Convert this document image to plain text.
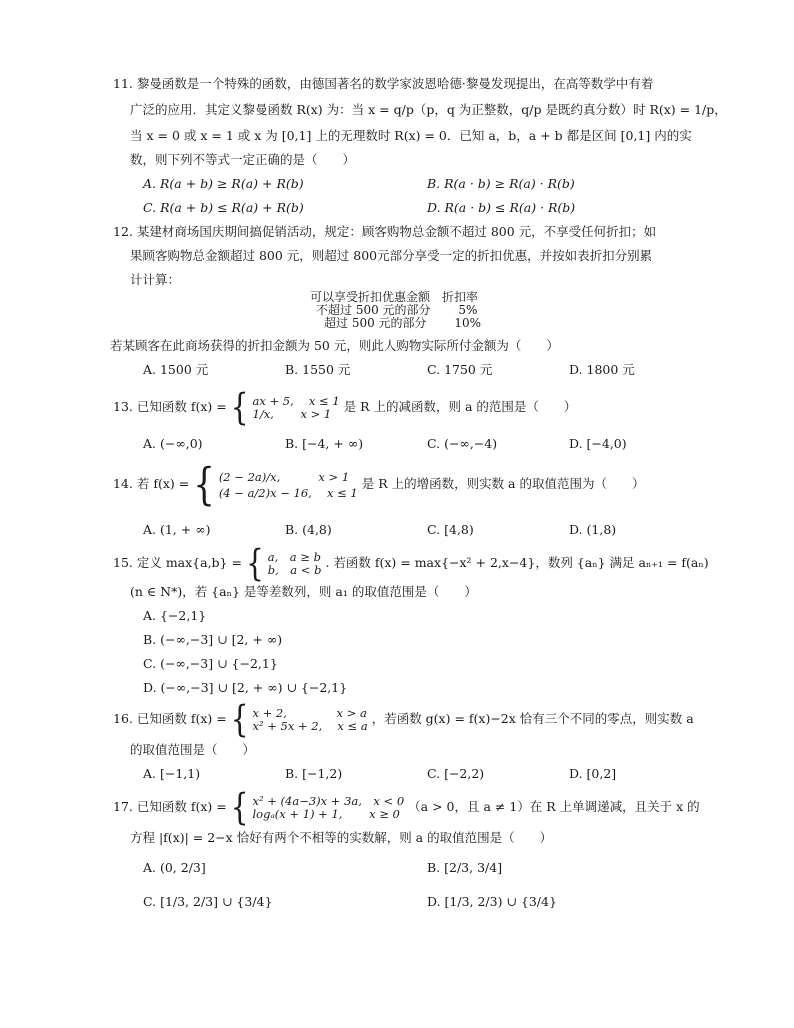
11. 黎曼函数是一个特殊的函数，由德国著名的数学家波恩哈德·黎曼发现提出，在高等数学中有着
广泛的应用．其定义黎曼函数 R(x) 为：当 x = q/p（p，q 为正整数，q/p 是既约真分数）时 R(x) = 1/p，
当 x = 0 或 x = 1 或 x 为 [0,1] 上的无理数时 R(x) = 0．已知 a，b，a + b 都是区间 [0,1] 内的实
数，则下列不等式一定正确的是（　　）
A. R(a + b) ≥ R(a) + R(b)	B. R(a · b) ≥ R(a) · R(b)
C. R(a + b) ≤ R(a) + R(b)	D. R(a · b) ≤ R(a) · R(b)
12. 某建材商场国庆期间搞促销活动，规定：顾客购物总金额不超过 800 元，不享受任何折扣；如
果顾客购物总金额超过 800 元，则超过 800元部分享受一定的折扣优惠，并按如表折扣分别累
计计算：
可以享受折扣优惠金额　折扣率
不超过 500 元的部分　　 5%
超过 500 元的部分　　 10%
若某顾客在此商场获得的折扣金额为 50 元，则此人购物实际所付金额为（　　）
A. 1500 元	B. 1550 元	C. 1750 元	D. 1800 元
13. 已知函数 f(x) = { ax + 5,　 x ≤ 1
1/x,　　 x > 1 是 R 上的减函数，则 a 的范围是（　　）
A. (−∞,0)	B. [−4, + ∞)	C. (−∞,−4)	D. [−4,0)
14. 若 f(x) = { (2 − 2a)/x,　　　 x > 1
(4 − a/2)x − 16,　 x ≤ 1
是 R 上的增函数，则实数 a 的取值范围为（　　）
A. (1, + ∞)	B. (4,8)	C. [4,8)	D. (1,8)
15. 定义 max{a,b} = { a,　a ≥ b
b,　a < b . 若函数 f(x) = max{−x² + 2,x−4}，数列 {aₙ} 满足 aₙ₊₁ = f(aₙ)
(n ∈ N*)，若 {aₙ} 是等差数列，则 a₁ 的取值范围是（　　）
A. {−2,1}
B. (−∞,−3] ∪ [2, + ∞)
C. (−∞,−3] ∪ {−2,1}
D. (−∞,−3] ∪ [2, + ∞) ∪ {−2,1}
16. 已知函数 f(x) = { x + 2,　　　　 x > a
x² + 5x + 2,　 x ≤ a ，若函数 g(x) = f(x)−2x 恰有三个不同的零点，则实数 a
的取值范围是（　　）
A. [−1,1)	B. [−1,2)	C. [−2,2)	D. [0,2]
17. 已知函数 f(x) = { x² + (4a−3)x + 3a,　x < 0
logₐ(x + 1) + 1,　　 x ≥ 0 （a > 0，且 a ≠ 1）在 R 上单调递减，且关于 x 的
方程 |f(x)| = 2−x 恰好有两个不相等的实数解，则 a 的取值范围是（　　）
A. (0, 2/3]	B. [2/3, 3/4]
C. [1/3, 2/3] ∪ {3/4}	D. [1/3, 2/3) ∪ {3/4}
